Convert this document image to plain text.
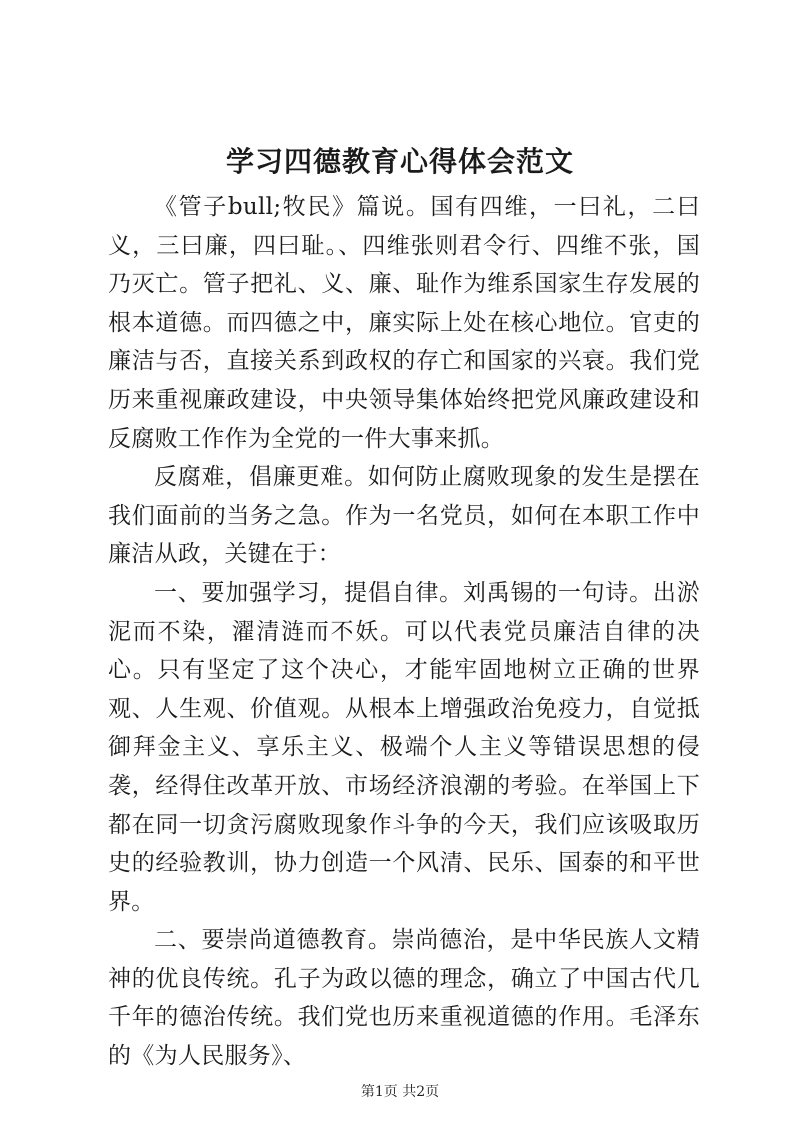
学习四德教育心得体会范文

《管子bull;牧民》篇说。国有四维，一曰礼，二曰义，三曰廉，四曰耻。、四维张则君令行、四维不张，国乃灭亡。管子把礼、义、廉、耻作为维系国家生存发展的根本道德。而四德之中，廉实际上处在核心地位。官吏的廉洁与否，直接关系到政权的存亡和国家的兴衰。我们党历来重视廉政建设，中央领导集体始终把党风廉政建设和反腐败工作作为全党的一件大事来抓。

反腐难，倡廉更难。如何防止腐败现象的发生是摆在我们面前的当务之急。作为一名党员，如何在本职工作中廉洁从政，关键在于：

一、要加强学习，提倡自律。刘禹锡的一句诗。出淤泥而不染，濯清涟而不妖。可以代表党员廉洁自律的决心。只有坚定了这个决心，才能牢固地树立正确的世界观、人生观、价值观。从根本上增强政治免疫力，自觉抵御拜金主义、享乐主义、极端个人主义等错误思想的侵袭，经得住改革开放、市场经济浪潮的考验。在举国上下都在同一切贪污腐败现象作斗争的今天，我们应该吸取历史的经验教训，协力创造一个风清、民乐、国泰的和平世界。

二、要崇尚道德教育。崇尚德治，是中华民族人文精神的优良传统。孔子为政以德的理念，确立了中国古代几千年的德治传统。我们党也历来重视道德的作用。毛泽东的《为人民服务》、

第1页 共2页
